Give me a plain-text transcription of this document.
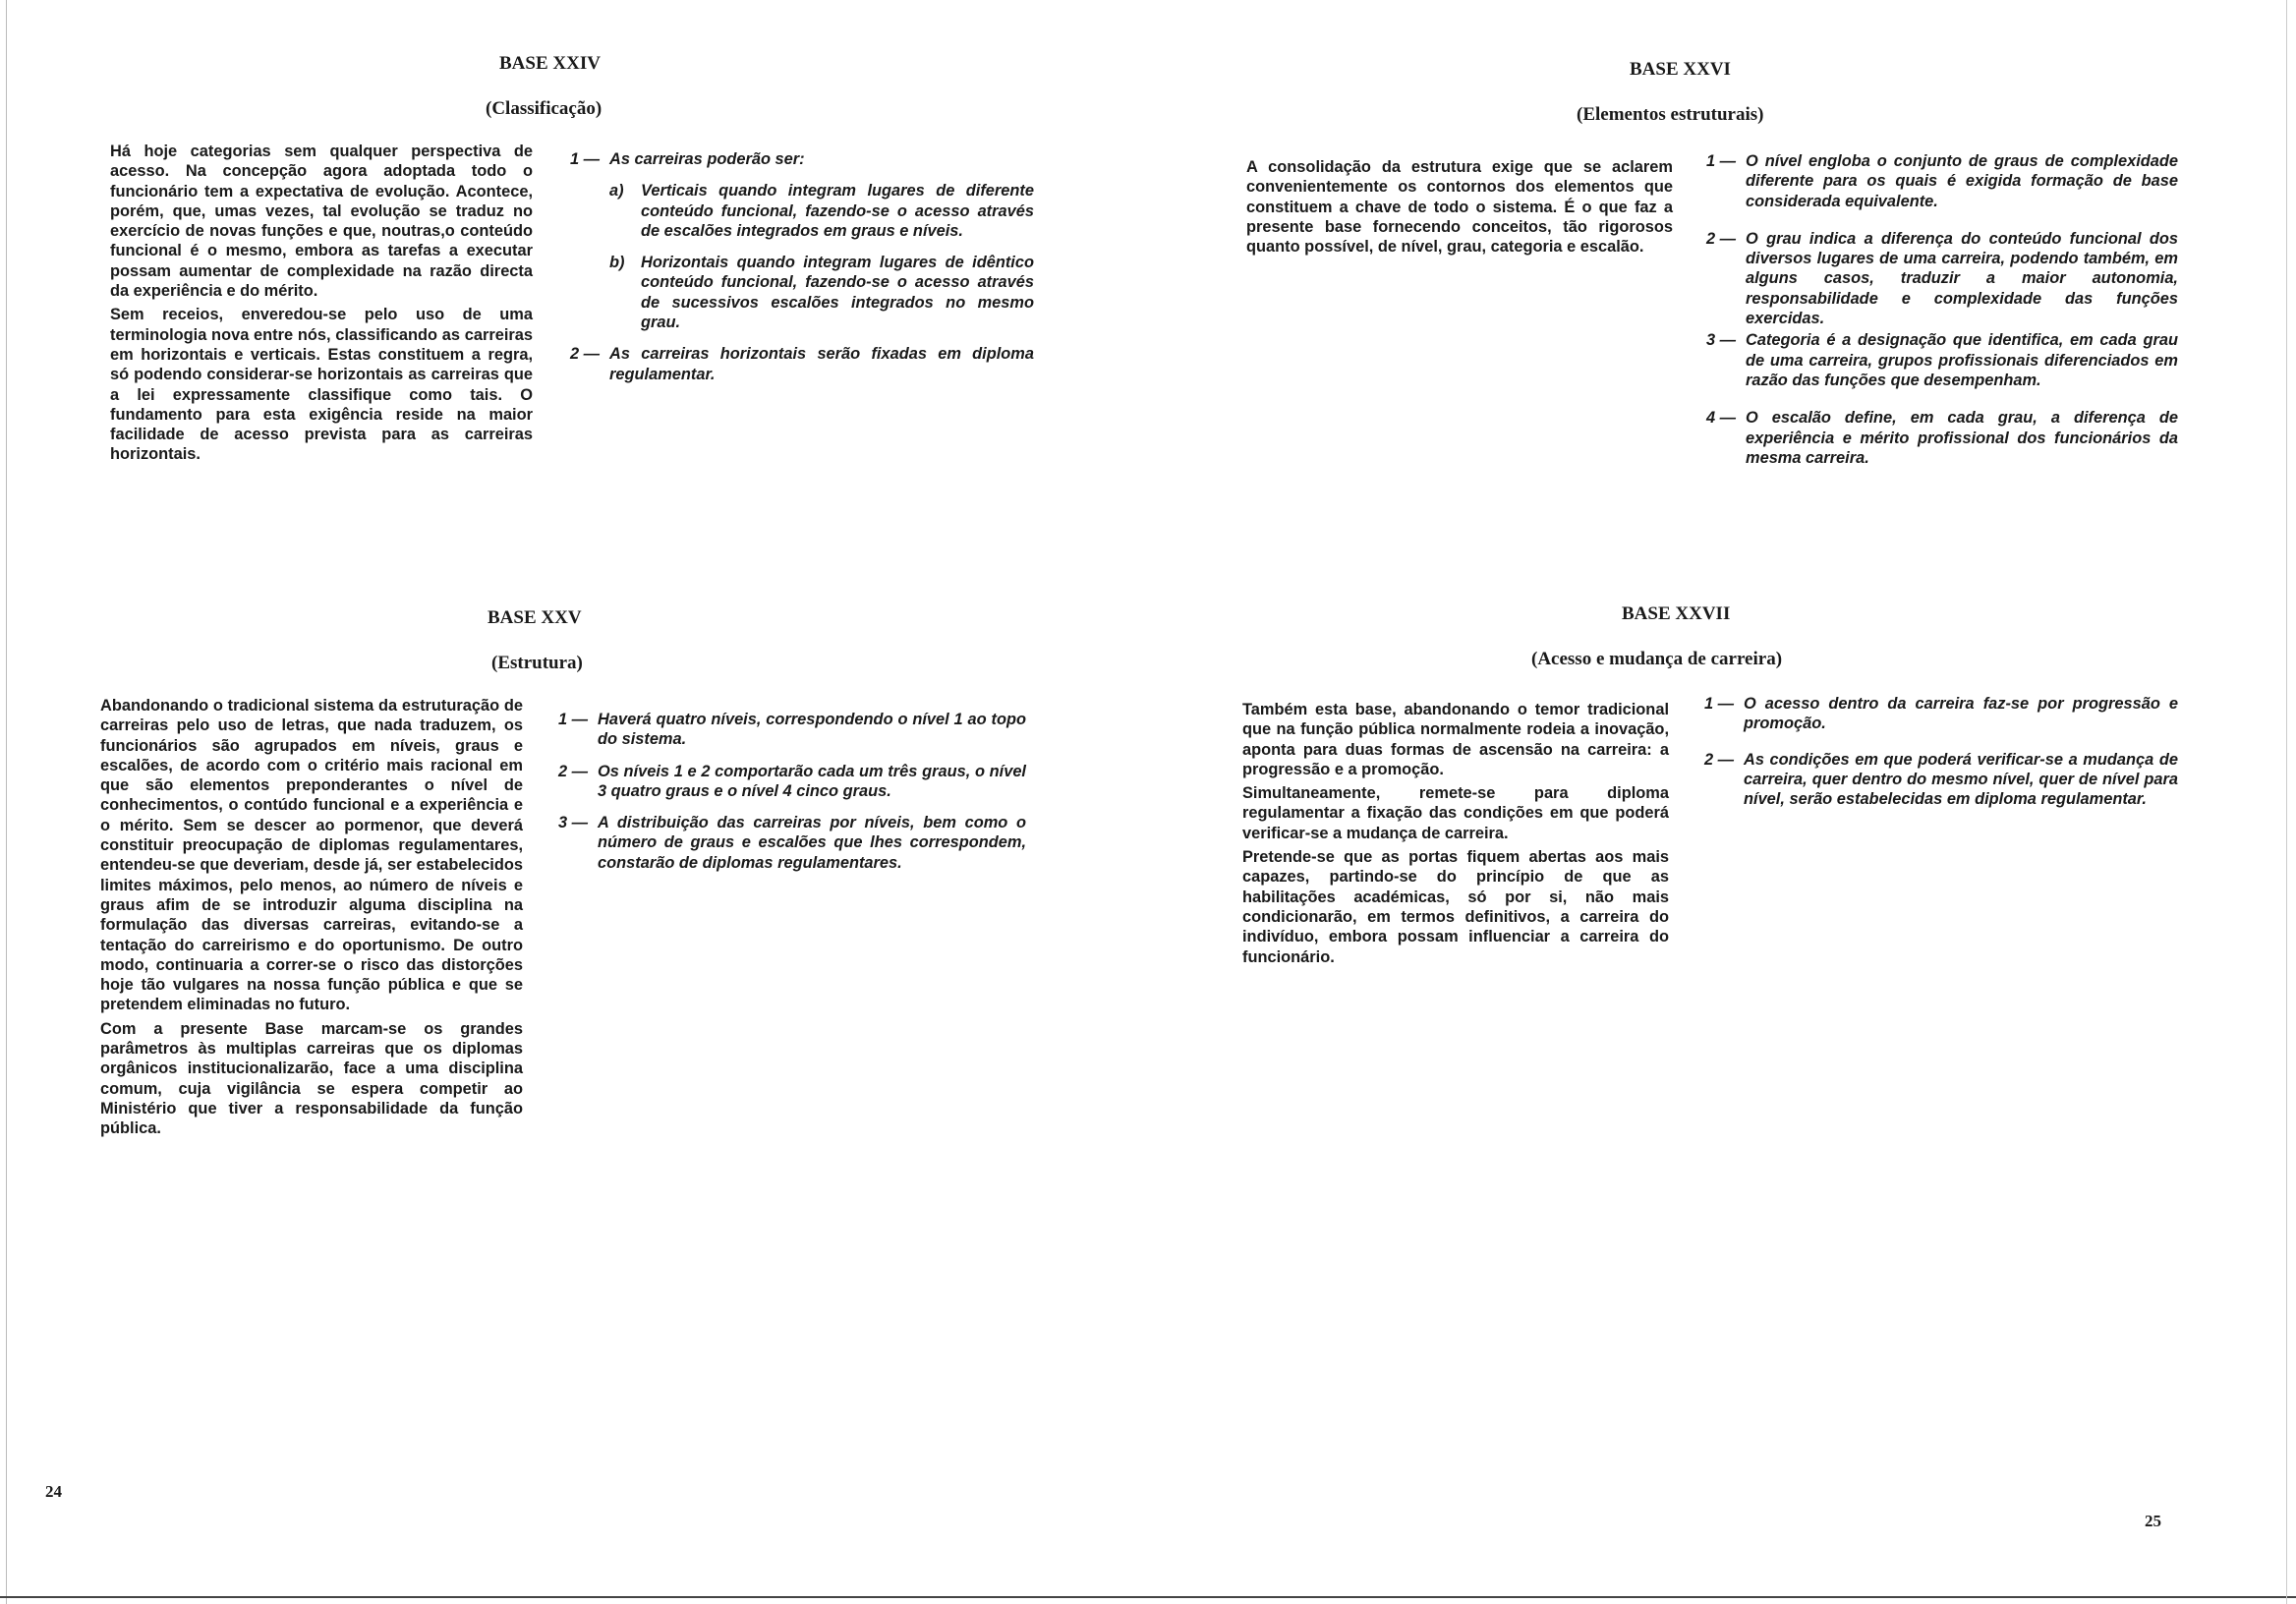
BASE XXIV
(Classificação)

Há hoje categorias sem qualquer perspectiva de acesso. Na concepção agora adoptada todo o funcionário tem a expectativa de evolução. Acontece, porém, que, umas vezes, tal evolução se traduz no exercício de novas funções e que, noutras,o conteúdo funcional é o mesmo, embora as tarefas a executar possam aumentar de complexidade na razão directa da experiência e do mérito.

Sem receios, enveredou-se pelo uso de uma terminologia nova entre nós, classificando as carreiras em horizontais e verticais. Estas constituem a regra, só podendo considerar-se horizontais as carreiras que a lei expressamente classifique como tais. O fundamento para esta exigência reside na maior facilidade de acesso prevista para as carreiras horizontais.

1 — As carreiras poderão ser:
a) Verticais quando integram lugares de diferente conteúdo funcional, fazendo-se o acesso através de escalões integrados em graus e níveis.
b) Horizontais quando integram lugares de idêntico conteúdo funcional, fazendo-se o acesso através de sucessivos escalões integrados no mesmo grau.
2 — As carreiras horizontais serão fixadas em diploma regulamentar.
BASE XXV
(Estrutura)

Abandonando o tradicional sistema da estruturação de carreiras pelo uso de letras, que nada traduzem, os funcionários são agrupados em níveis, graus e escalões, de acordo com o critério mais racional em que são elementos preponderantes o nível de conhecimentos, o contúdo funcional e a experiência e o mérito. Sem se descer ao pormenor, que deverá constituir preocupação de diplomas regulamentares, entendeu-se que deveriam, desde já, ser estabelecidos limites máximos, pelo menos, ao número de níveis e graus afim de se introduzir alguma disciplina na formulação das diversas carreiras, evitando-se a tentação do carreirismo e do oportunismo. De outro modo, continuaria a correr-se o risco das distorções hoje tão vulgares na nossa função pública e que se pretendem eliminadas no futuro.

Com a presente Base marcam-se os grandes parâmetros às multiplas carreiras que os diplomas orgânicos institucionalizarão, face a uma disciplina comum, cuja vigilância se espera competir ao Ministério que tiver a responsabilidade da função pública.

1 — Haverá quatro níveis, correspondendo o nível 1 ao topo do sistema.
2 — Os níveis 1 e 2 comportarão cada um três graus, o nível 3 quatro graus e o nível 4 cinco graus.
3 — A distribuição das carreiras por níveis, bem como o número de graus e escalões que lhes correspondem, constarão de diplomas regulamentares.
24
BASE XXVI
(Elementos estruturais)

A consolidação da estrutura exige que se aclarem convenientemente os contornos dos elementos que constituem a chave de todo o sistema. É o que faz a presente base fornecendo conceitos, tão rigorosos quanto possível, de nível, grau, categoria e escalão.

1 — O nível engloba o conjunto de graus de complexidade diferente para os quais é exigida formação de base considerada equivalente.
2 — O grau indica a diferença do conteúdo funcional dos diversos lugares de uma carreira, podendo também, em alguns casos, traduzir a maior autonomia, responsabilidade e complexidade das funções exercidas.
3 — Categoria é a designação que identifica, em cada grau de uma carreira, grupos profissionais diferenciados em razão das funções que desempenham.
4 — O escalão define, em cada grau, a diferença de experiência e mérito profissional dos funcionários da mesma carreira.
BASE XXVII
(Acesso e mudança de carreira)

Também esta base, abandonando o temor tradicional que na função pública normalmente rodeia a inovação, aponta para duas formas de ascensão na carreira: a progressão e a promoção.

Simultaneamente, remete-se para diploma regulamentar a fixação das condições em que poderá verificar-se a mudança de carreira.

Pretende-se que as portas fiquem abertas aos mais capazes, partindo-se do princípio de que as habilitações académicas, só por si, não mais condicionarão, em termos definitivos, a carreira do indivíduo, embora possam influenciar a carreira do funcionário.

1 — O acesso dentro da carreira faz-se por progressão e promoção.
2 — As condições em que poderá verificar-se a mudança de carreira, quer dentro do mesmo nível, quer de nível para nível, serão estabelecidas em diploma regulamentar.
25
